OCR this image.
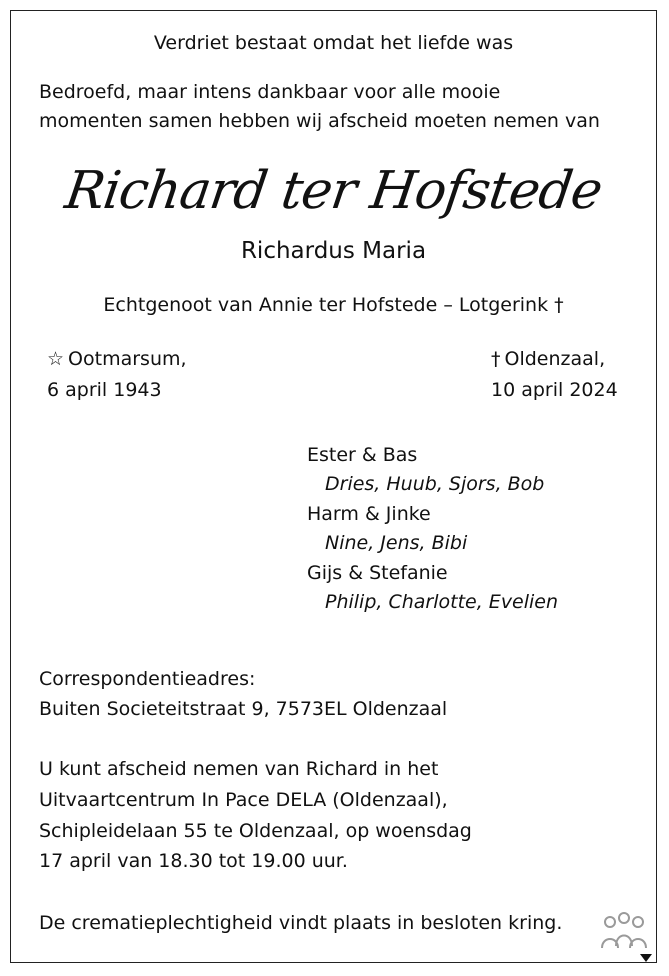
Verdriet bestaat omdat het liefde was
Bedroefd, maar intens dankbaar voor alle mooie
momenten samen hebben wij afscheid moeten nemen van
Richard ter Hofstede
Richardus Maria
Echtgenoot van Annie ter Hofstede – Lotgerink †
☆ Ootmarsum,
6 april 1943
† Oldenzaal,
10 april 2024
Ester & Bas
Dries, Huub, Sjors, Bob
Harm & Jinke
Nine, Jens, Bibi
Gijs & Stefanie
Philip, Charlotte, Evelien
Correspondentieadres:
Buiten Societeitstraat 9, 7573EL Oldenzaal
U kunt afscheid nemen van Richard in het
Uitvaartcentrum In Pace DELA (Oldenzaal),
Schipleidelaan 55 te Oldenzaal, op woensdag
17 april van 18.30 tot 19.00 uur.
De crematieplechtigheid vindt plaats in besloten kring.
